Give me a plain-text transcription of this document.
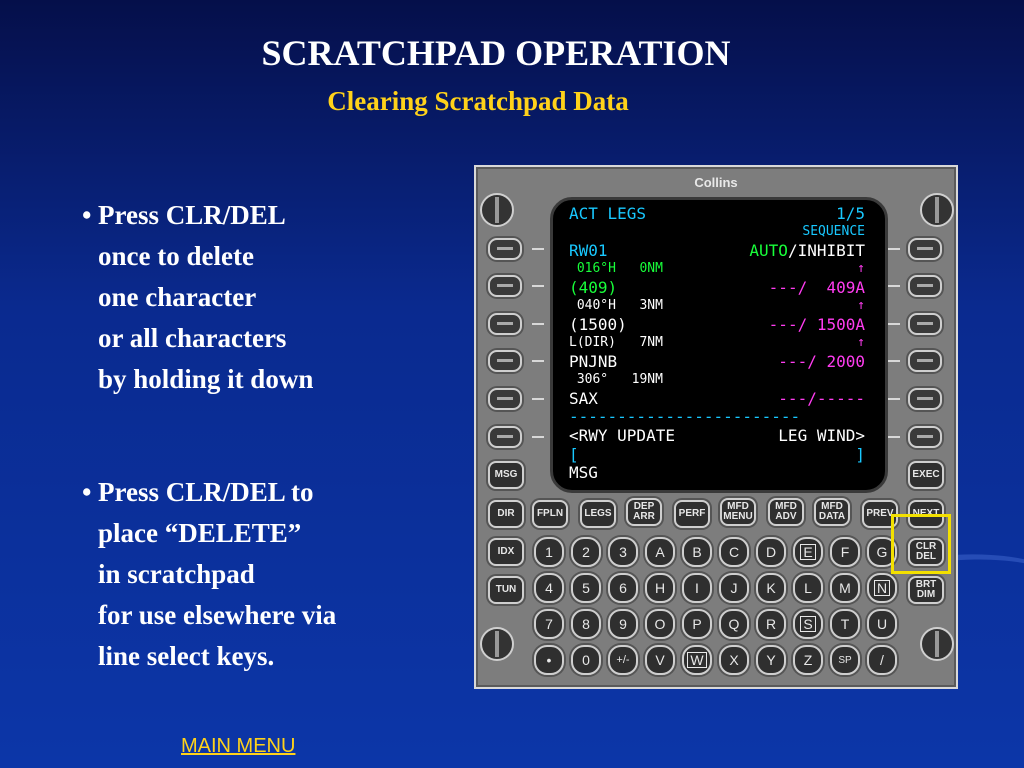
SCRATCHPAD OPERATION
Clearing Scratchpad Data
• Press CLR/DEL
once to delete
one character
or all characters
by holding it down
• Press CLR/DEL to
place “DELETE”
in scratchpad
for use elsewhere via
line select keys.
MAIN MENU
Collins
ACT LEGS	1/5
SEQUENCE
RW01	AUTO/INHIBIT
016°H   0NM	↑
(409)	---/  409A
040°H   3NM	↑
(1500)	---/ 1500A
L(DIR)   7NM	↑
PNJNB	---/ 2000
306°   19NM
SAX	---/-----
------------------------
<RWY UPDATE	LEG WIND>
[	]
MSG
MSG	EXEC
DIR	FPLN	LEGS
DEP
ARR	PERF
MFD
MENU
MFD
ADV
MFD
DATA	PREV	NEXT
IDX
TUN
CLR
DEL
BRT
DIM
1	2	3	A	B	C	D	E	F	G
4	5	6	H	I	J	K	L	M	N
7	8	9	O	P	Q	R	S	T	U
•	0	+/-	V	W	X	Y	Z	SP	/
